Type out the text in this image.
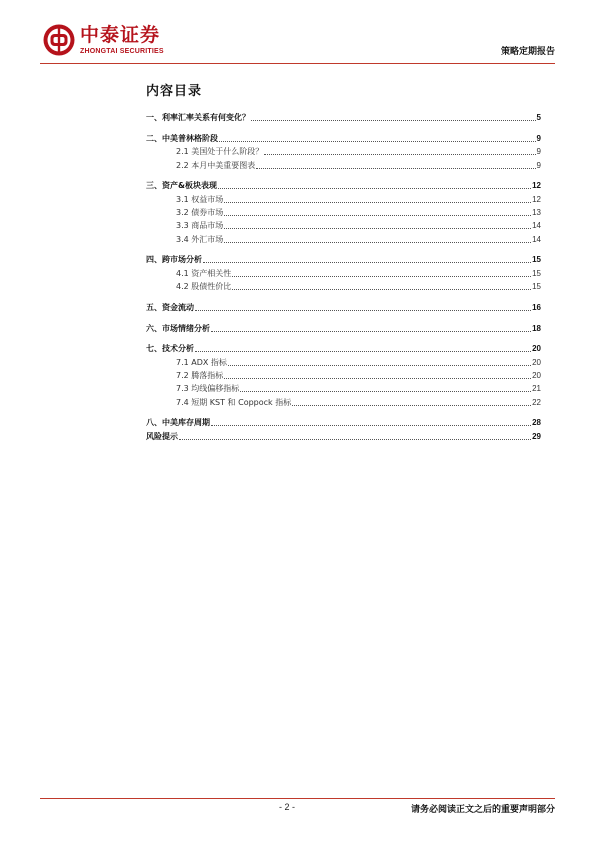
中泰证券
ZHONGTAI SECURITIES	策略定期报告
内容目录
一、利率汇率关系有何变化？	5
二、中美普林格阶段	9
2.1 美国处于什么阶段？	9
2.2 本月中美重要图表	9
三、资产&板块表现	12
3.1 权益市场	12
3.2 债券市场	13
3.3 商品市场	14
3.4 外汇市场	14
四、跨市场分析	15
4.1 资产相关性	15
4.2 股债性价比	15
五、资金流动	16
六、市场情绪分析	18
七、技术分析	20
7.1 ADX 指标	20
7.2 腾落指标	20
7.3 均线偏移指标	21
7.4 短期 KST 和 Coppock 指标	22
八、中美库存周期	28
风险提示	29
- 2 -	请务必阅读正文之后的重要声明部分
